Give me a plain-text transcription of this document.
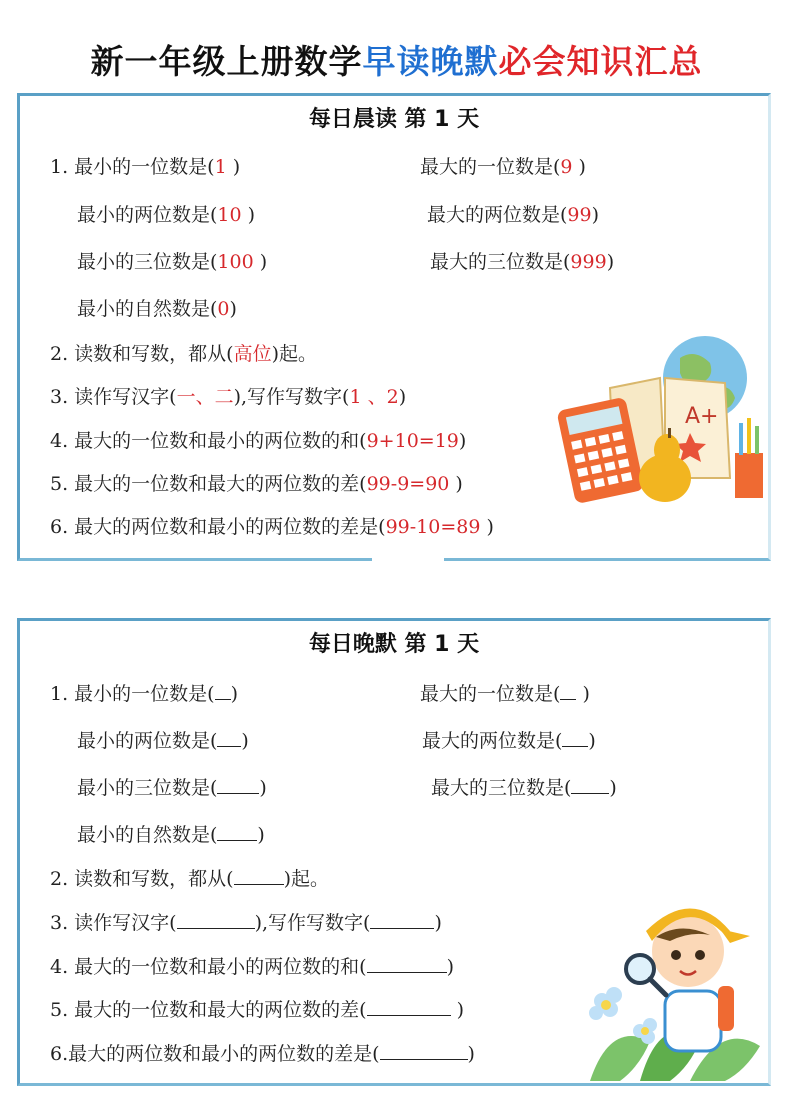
新一年级上册数学早读晚默必会知识汇总
每日晨读 第 1 天
1. 最小的一位数是(1 )	最大的一位数是(9 )
最小的两位数是(10 )	最大的两位数是(99)
最小的三位数是(100 )	最大的三位数是(999)
最小的自然数是(0)
2. 读数和写数，都从(高位)起。
3. 读作写汉字(一、二),写作写数字(1 、2)
4. 最大的一位数和最小的两位数的和(9+10=19)
5. 最大的一位数和最大的两位数的差(99-9=90 )
6. 最大的两位数和最小的两位数的差是(99-10=89 )
A+
每日晚默 第 1 天
1. 最小的一位数是( )	最大的一位数是( )
最小的两位数是( )	最大的两位数是( )
最小的三位数是( )	最大的三位数是( )
最小的自然数是( )
2. 读数和写数，都从(	)起。
3. 读作写汉字(	),写作写数字(	)
4. 最大的一位数和最小的两位数的和(	)
5. 最大的一位数和最大的两位数的差(	)
6.最大的两位数和最小的两位数的差是(	)
